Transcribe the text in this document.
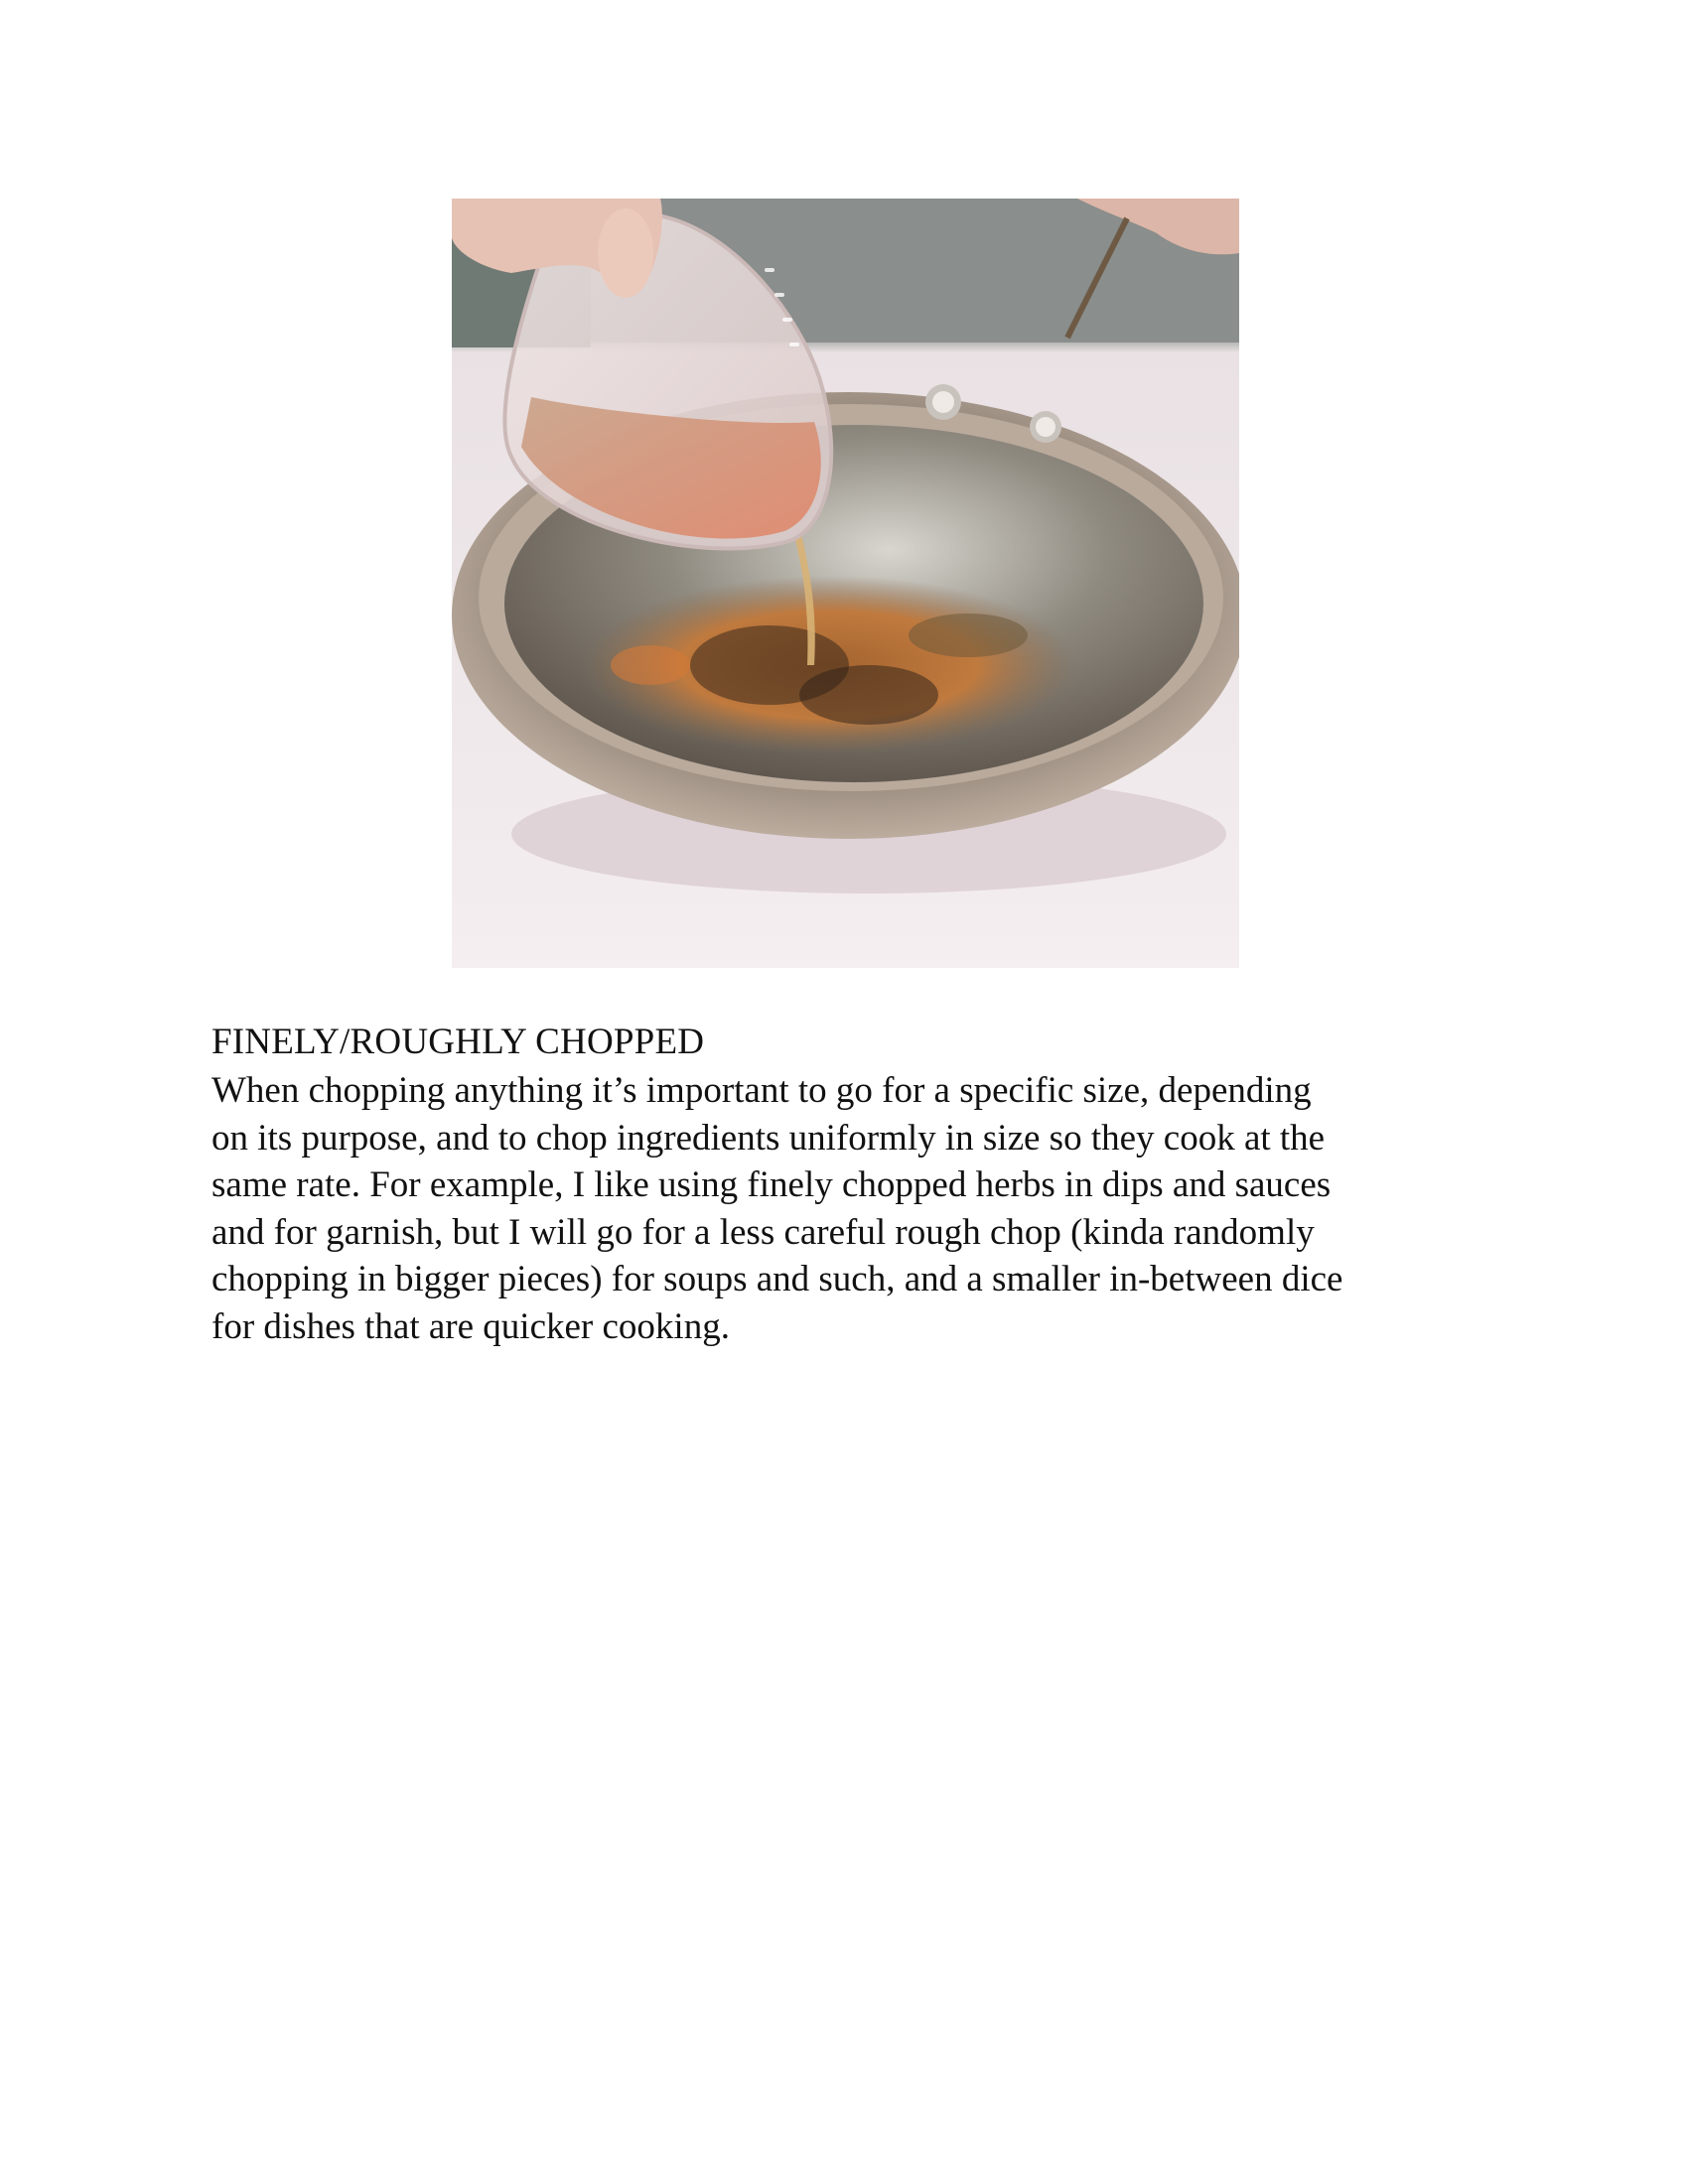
FINELY/ROUGHLY CHOPPED

When chopping anything it’s important to go for a specific size, depending
on its purpose, and to chop ingredients uniformly in size so they cook at the
same rate. For example, I like using finely chopped herbs in dips and sauces
and for garnish, but I will go for a less careful rough chop (kinda randomly
chopping in bigger pieces) for soups and such, and a smaller in-between dice
for dishes that are quicker cooking.
